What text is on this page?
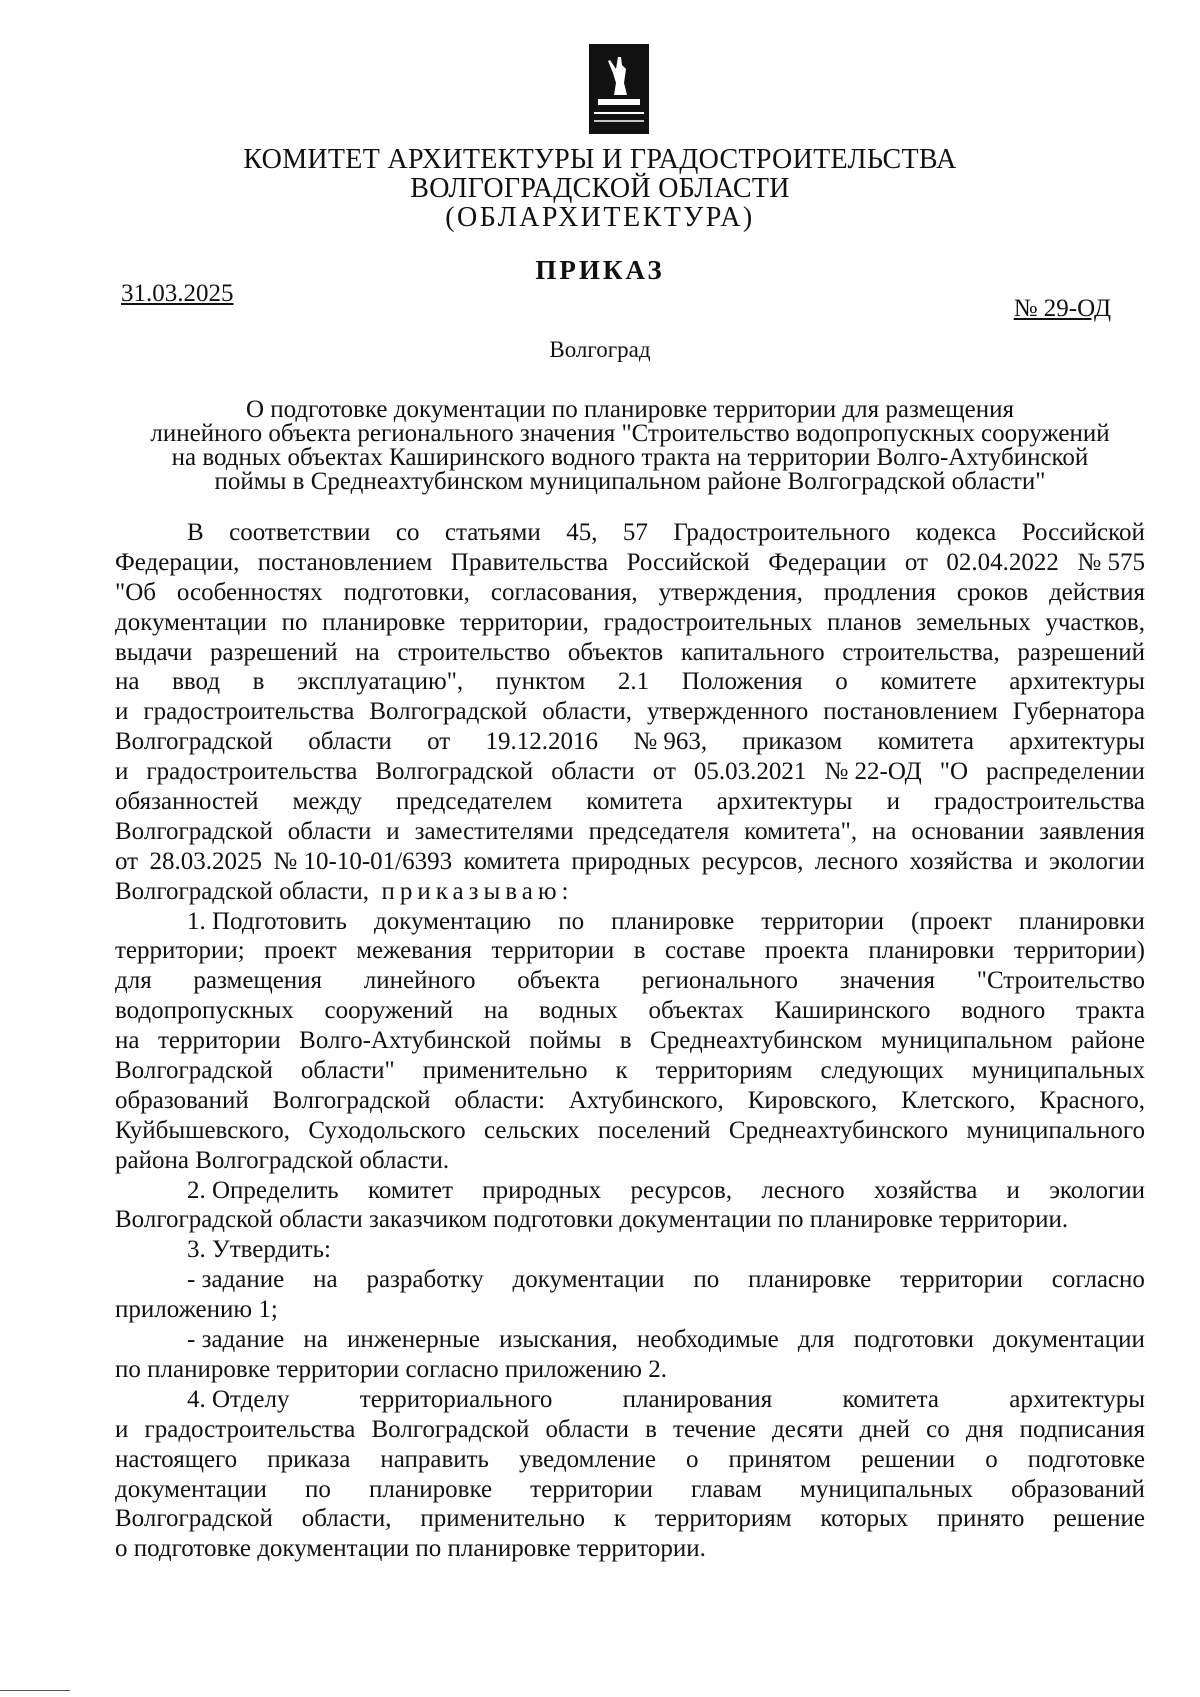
КОМИТЕТ АРХИТЕКТУРЫ И ГРАДОСТРОИТЕЛЬСТВА
ВОЛГОГРАДСКОЙ ОБЛАСТИ
(ОБЛАРХИТЕКТУРА)
ПРИКАЗ
31.03.2025
№ 29-ОД
Волгоград
О подготовке документации по планировке территории для размещения
линейного объекта регионального значения "Строительство водопропускных сооружений
на водных объектах Каширинского водного тракта на территории Волго-Ахтубинской
поймы в Среднеахтубинском муниципальном районе Волгоградской области"
В соответствии со статьями 45, 57 Градостроительного кодекса Российской
Федерации, постановлением Правительства Российской Федерации от 02.04.2022 № 575
"Об особенностях подготовки, согласования, утверждения, продления сроков действия
документации по планировке территории, градостроительных планов земельных участков,
выдачи разрешений на строительство объектов капитального строительства, разрешений
на ввод в эксплуатацию", пунктом 2.1 Положения о комитете архитектуры
и градостроительства Волгоградской области, утвержденного постановлением Губернатора
Волгоградской области от 19.12.2016 № 963, приказом комитета архитектуры
и градостроительства Волгоградской области от 05.03.2021 № 22-ОД "О распределении
обязанностей между председателем комитета архитектуры и градостроительства
Волгоградской области и заместителями председателя комитета", на основании заявления
от 28.03.2025 № 10-10-01/6393 комитета природных ресурсов, лесного хозяйства и экологии
Волгоградской области,
приказываю:
1. Подготовить документацию по планировке территории (проект планировки
территории; проект межевания территории в составе проекта планировки территории)
для размещения линейного объекта регионального значения "Строительство
водопропускных сооружений на водных объектах Каширинского водного тракта
на территории Волго-Ахтубинской поймы в Среднеахтубинском муниципальном районе
Волгоградской области" применительно к территориям следующих муниципальных
образований Волгоградской области: Ахтубинского, Кировского, Клетского, Красного,
Куйбышевского, Суходольского сельских поселений Среднеахтубинского муниципального
района Волгоградской области.
2. Определить комитет природных ресурсов, лесного хозяйства и экологии
Волгоградской области заказчиком подготовки документации по планировке территории.
3. Утвердить:
- задание на разработку документации по планировке территории согласно
приложению 1;
- задание на инженерные изыскания, необходимые для подготовки документации
по планировке территории согласно приложению 2.
4. Отделу	территориального	планирования	комитета	архитектуры
и градостроительства Волгоградской области в течение десяти дней со дня подписания
настоящего приказа направить уведомление о принятом решении о подготовке
документации по планировке территории главам муниципальных образований
Волгоградской области, применительно к территориям которых принято решение
о подготовке документации по планировке территории.
